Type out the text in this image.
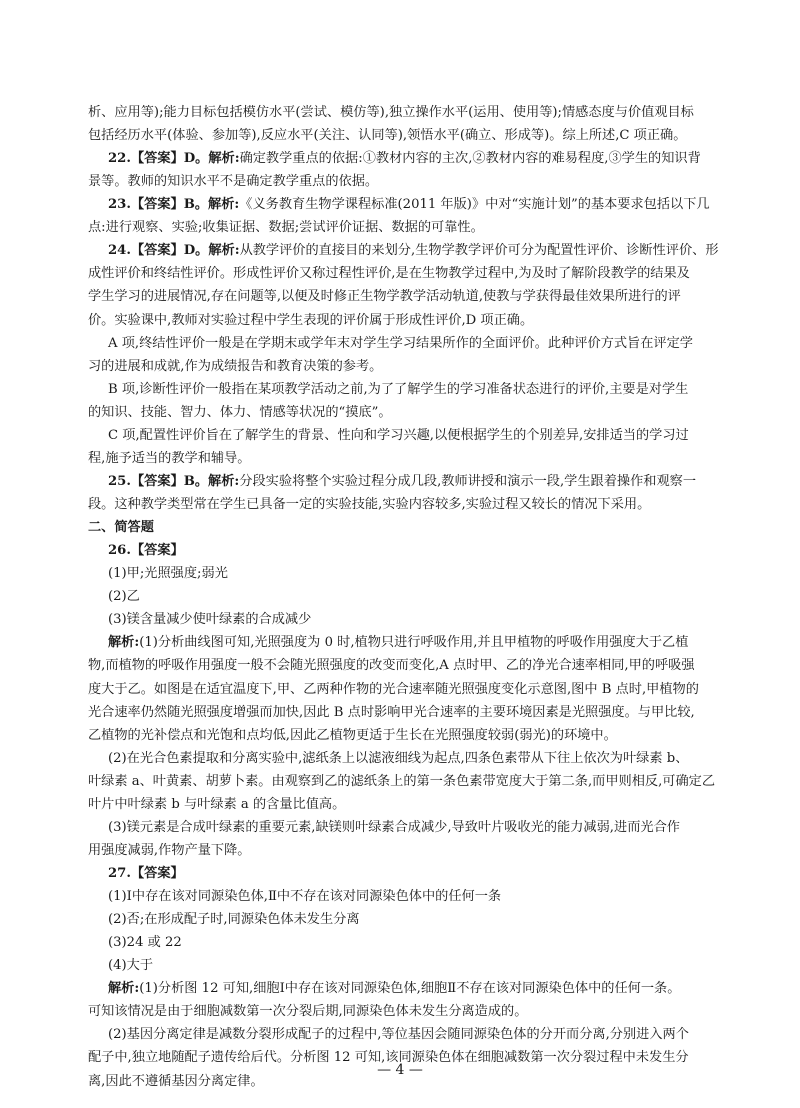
析、应用等);能力目标包括模仿水平(尝试、模仿等),独立操作水平(运用、使用等);情感态度与价值观目标
包括经历水平(体验、参加等),反应水平(关注、认同等),领悟水平(确立、形成等)。综上所述,C 项正确。
22.【答案】D。解析:确定教学重点的依据:①教材内容的主次,②教材内容的难易程度,③学生的知识背
景等。教师的知识水平不是确定教学重点的依据。
23.【答案】B。解析:《义务教育生物学课程标准(2011 年版)》中对“实施计划”的基本要求包括以下几
点:进行观察、实验;收集证据、数据;尝试评价证据、数据的可靠性。
24.【答案】D。解析:从教学评价的直接目的来划分,生物学教学评价可分为配置性评价、诊断性评价、形
成性评价和终结性评价。形成性评价又称过程性评价,是在生物教学过程中,为及时了解阶段教学的结果及
学生学习的进展情况,存在问题等,以便及时修正生物学教学活动轨道,使教与学获得最佳效果所进行的评
价。实验课中,教师对实验过程中学生表现的评价属于形成性评价,D 项正确。
A 项,终结性评价一般是在学期末或学年末对学生学习结果所作的全面评价。此种评价方式旨在评定学
习的进展和成就,作为成绩报告和教育决策的参考。
B 项,诊断性评价一般指在某项教学活动之前,为了了解学生的学习准备状态进行的评价,主要是对学生
的知识、技能、智力、体力、情感等状况的“摸底”。
C 项,配置性评价旨在了解学生的背景、性向和学习兴趣,以便根据学生的个别差异,安排适当的学习过
程,施予适当的教学和辅导。
25.【答案】B。解析:分段实验将整个实验过程分成几段,教师讲授和演示一段,学生跟着操作和观察一
段。这种教学类型常在学生已具备一定的实验技能,实验内容较多,实验过程又较长的情况下采用。
二、简答题
26.【答案】
(1)甲;光照强度;弱光
(2)乙
(3)镁含量减少使叶绿素的合成减少
解析:(1)分析曲线图可知,光照强度为 0 时,植物只进行呼吸作用,并且甲植物的呼吸作用强度大于乙植
物,而植物的呼吸作用强度一般不会随光照强度的改变而变化,A 点时甲、乙的净光合速率相同,甲的呼吸强
度大于乙。如图是在适宜温度下,甲、乙两种作物的光合速率随光照强度变化示意图,图中 B 点时,甲植物的
光合速率仍然随光照强度增强而加快,因此 B 点时影响甲光合速率的主要环境因素是光照强度。与甲比较,
乙植物的光补偿点和光饱和点均低,因此乙植物更适于生长在光照强度较弱(弱光)的环境中。
(2)在光合色素提取和分离实验中,滤纸条上以滤液细线为起点,四条色素带从下往上依次为叶绿素 b、
叶绿素 a、叶黄素、胡萝卜素。由观察到乙的滤纸条上的第一条色素带宽度大于第二条,而甲则相反,可确定乙
叶片中叶绿素 b 与叶绿素 a 的含量比值高。
(3)镁元素是合成叶绿素的重要元素,缺镁则叶绿素合成减少,导致叶片吸收光的能力减弱,进而光合作
用强度减弱,作物产量下降。
27.【答案】
(1)Ⅰ中存在该对同源染色体,Ⅱ中不存在该对同源染色体中的任何一条
(2)否;在形成配子时,同源染色体未发生分离
(3)24 或 22
(4)大于
解析:(1)分析图 12 可知,细胞Ⅰ中存在该对同源染色体,细胞Ⅱ不存在该对同源染色体中的任何一条。
可知该情况是由于细胞减数第一次分裂后期,同源染色体未发生分离造成的。
(2)基因分离定律是减数分裂形成配子的过程中,等位基因会随同源染色体的分开而分离,分别进入两个
配子中,独立地随配子遗传给后代。分析图 12 可知,该同源染色体在细胞减数第一次分裂过程中未发生分
离,因此不遵循基因分离定律。
— 4 —
